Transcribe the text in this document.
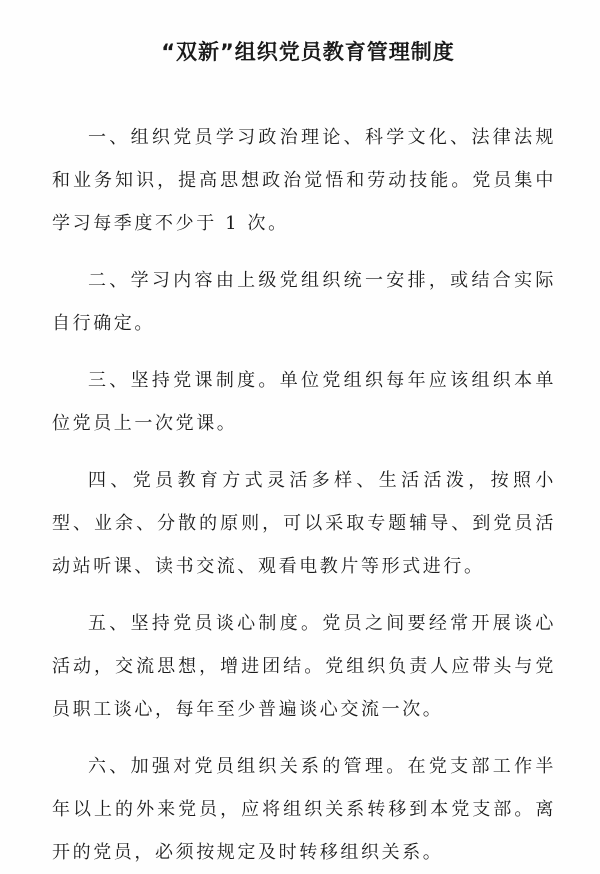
“双新”组织党员教育管理制度

一、组织党员学习政治理论、科学文化、法律法规和业务知识，提高思想政治觉悟和劳动技能。党员集中学习每季度不少于 1 次。

二、学习内容由上级党组织统一安排，或结合实际自行确定。

三、坚持党课制度。单位党组织每年应该组织本单位党员上一次党课。

四、党员教育方式灵活多样、生活活泼，按照小型、业余、分散的原则，可以采取专题辅导、到党员活动站听课、读书交流、观看电教片等形式进行。

五、坚持党员谈心制度。党员之间要经常开展谈心活动，交流思想，增进团结。党组织负责人应带头与党员职工谈心，每年至少普遍谈心交流一次。

六、加强对党员组织关系的管理。在党支部工作半年以上的外来党员，应将组织关系转移到本党支部。离开的党员，必须按规定及时转移组织关系。
